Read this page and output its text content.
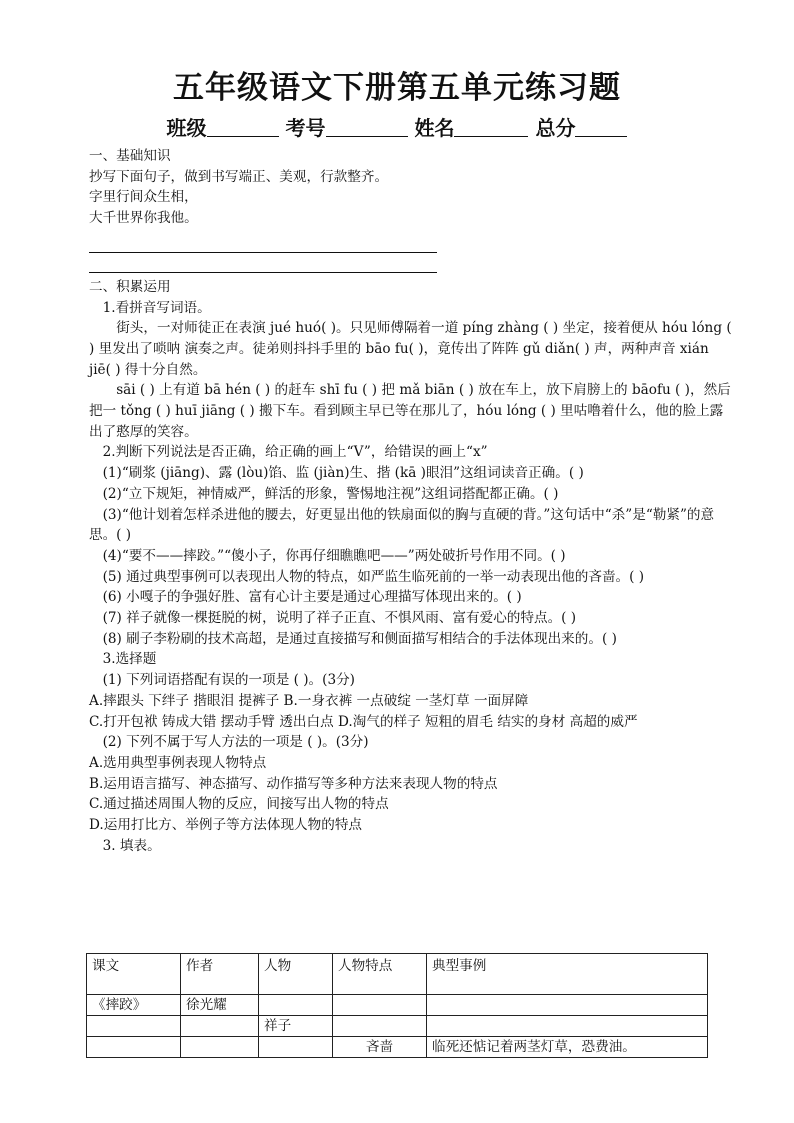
五年级语文下册第五单元练习题
班级	考号	姓名	总分

一、基础知识

抄写下面句子，做到书写端正、美观，行款整齐。

字里行间众生相，

大千世界你我他。

二、积累运用

1.看拼音写词语。

街头，一对师徒正在表演 jué huó( )。只见师傅隔着一道 píng zhàng ( ) 坐定，接着便从 hóu lóng ( ) 里发出了唢呐 演奏之声。徒弟则抖抖手里的 bāo fu( )，竟传出了阵阵 gǔ diǎn( ) 声，两种声音 xián jiē( ) 得十分自然。

sāi ( ) 上有道 bā hén ( ) 的赶车 shī fu ( ) 把 mǎ biān ( ) 放在车上，放下肩膀上的 bāofu ( )，然后把一 tǒng ( ) huī jiāng ( ) 搬下车。看到顾主早已等在那儿了，hóu lóng ( ) 里咕噜着什么，他的脸上露出了憨厚的笑容。

2.判断下列说法是否正确，给正确的画上“V”，给错误的画上“x”

(1)“刷浆 (jiāng)、露 (lòu)馅、监 (jiàn)生、揩 (kā )眼泪”这组词读音正确。( )

(2)“立下规矩，神情威严，鲜活的形象，警惕地注视”这组词搭配都正确。( )

(3)“他计划着怎样杀进他的腰去，好更显出他的铁扇面似的胸与直硬的背。”这句话中“杀”是“勒紧”的意思。( )

(4)“要不——摔跤。”“傻小子，你再仔细瞧瞧吧——”两处破折号作用不同。( )

(5) 通过典型事例可以表现出人物的特点，如严监生临死前的一举一动表现出他的吝啬。( )

(6) 小嘎子的争强好胜、富有心计主要是通过心理描写体现出来的。( )

(7) 祥子就像一棵挺脱的树，说明了祥子正直、不惧风雨、富有爱心的特点。( )

(8) 刷子李粉刷的技术高超，是通过直接描写和侧面描写相结合的手法体现出来的。( )

3.选择题

(1) 下列词语搭配有误的一项是 ( )。(3分)

A.摔跟头 下绊子 揩眼泪 提裤子 B.一身衣裤 一点破绽 一茎灯草 一面屏障

C.打开包袱 铸成大错 摆动手臂 透出白点 D.淘气的样子 短粗的眉毛 结实的身材 高超的威严

(2) 下列不属于写人方法的一项是 ( )。(3分)

A.选用典型事例表现人物特点

B.运用语言描写、神态描写、动作描写等多种方法来表现人物的特点

C.通过描述周围人物的反应，间接写出人物的特点

D.运用打比方、举例子等方法体现人物的特点

3. 填表。

课文	作者	人物	人物特点	典型事例
《摔跤》	徐光耀			
		祥子		
			吝啬	临死还惦记着两茎灯草，恐费油。
